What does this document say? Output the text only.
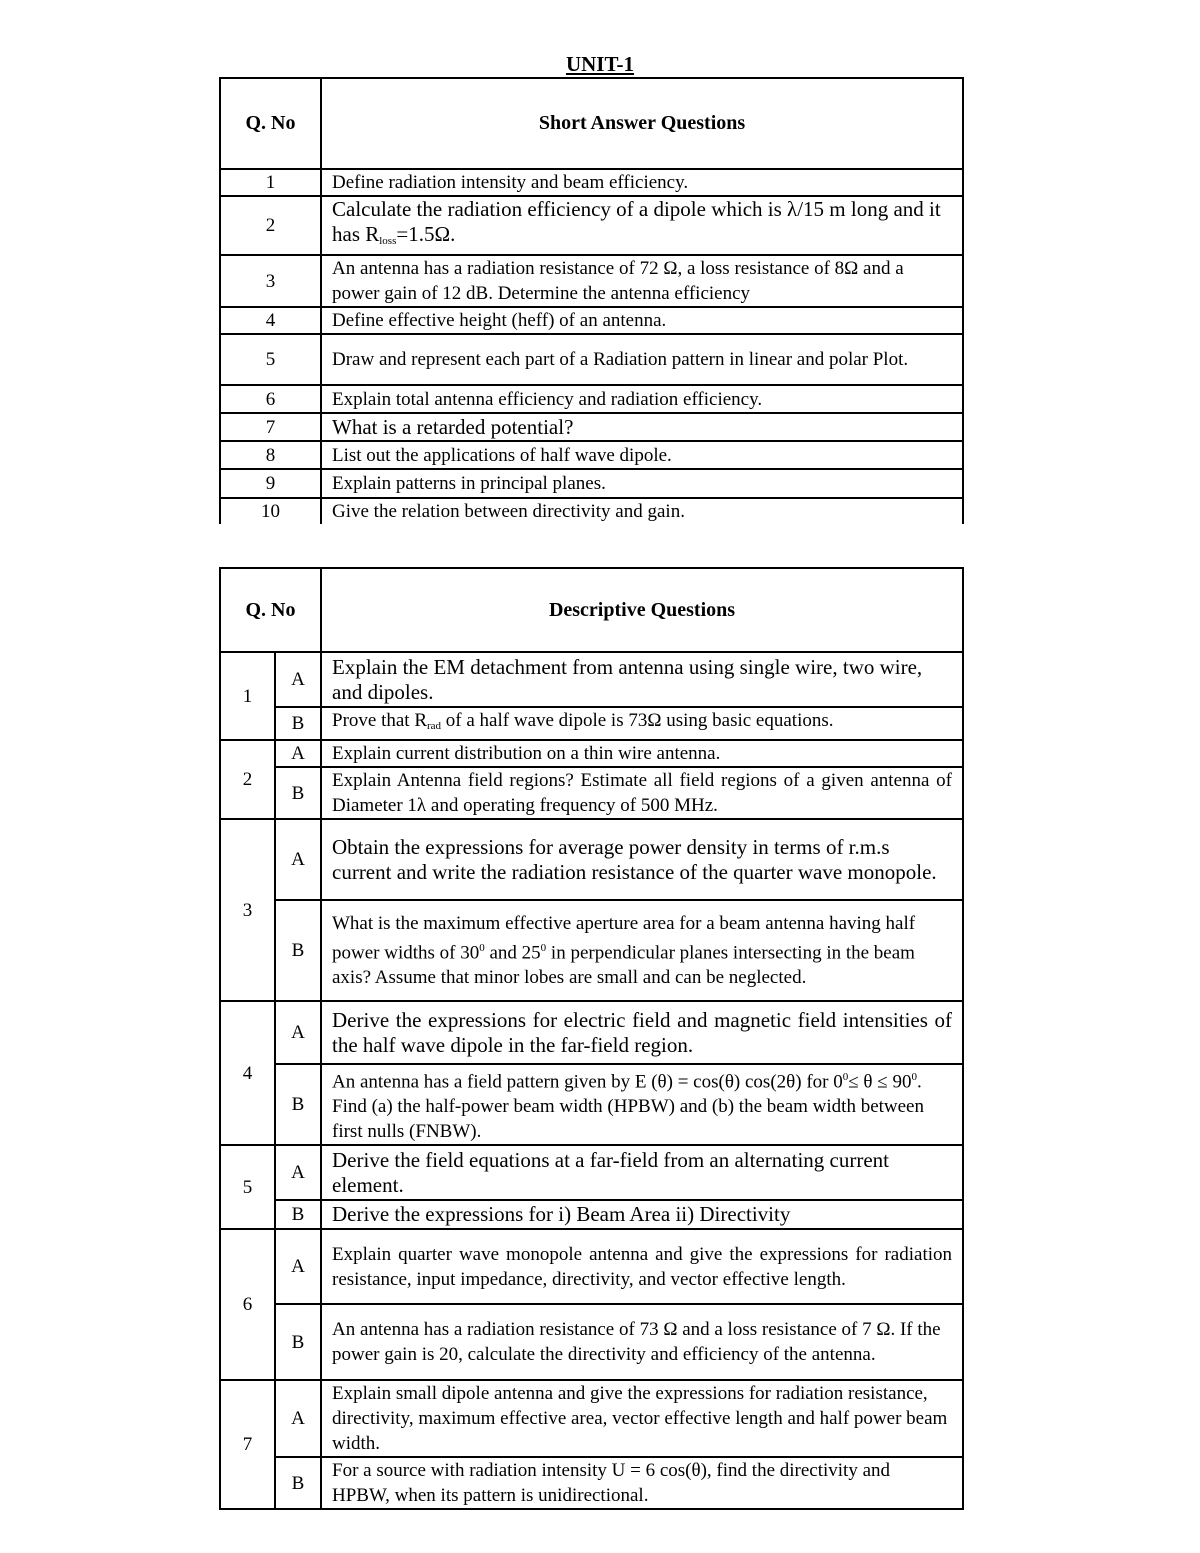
UNIT-1
Q. No	Short Answer Questions
1	Define radiation intensity and beam efficiency.
2	Calculate the radiation efficiency of a dipole which is λ/15 m long and it has $R_{loss}=1.5\Omega$.
3	An antenna has a radiation resistance of 72 Ω, a loss resistance of 8Ω and a power gain of 12 dB. Determine the antenna efficiency
4	Define effective height (heff) of an antenna.
5	Draw and represent each part of a Radiation pattern in linear and polar Plot.
6	Explain total antenna efficiency and radiation efficiency.
7	What is a retarded potential?
8	List out the applications of half wave dipole.
9	Explain patterns in principal planes.
10	Give the relation between directivity and gain.
Q. No		Descriptive Questions
1	A	Explain the EM detachment from antenna using single wire, two wire, and dipoles.
	B	Prove that $R_{rad}$ of a half wave dipole is 73Ω using basic equations.
2	A	Explain current distribution on a thin wire antenna.
	B	Explain Antenna field regions? Estimate all field regions of a given antenna of Diameter 1λ and operating frequency of 500 MHz.
3	A	Obtain the expressions for average power density in terms of r.m.s current and write the radiation resistance of the quarter wave monopole.
	B	What is the maximum effective aperture area for a beam antenna having half power widths of $30^0$ and $25^0$ in perpendicular planes intersecting in the beam axis? Assume that minor lobes are small and can be neglected.
4	A	Derive the expressions for electric field and magnetic field intensities of the half wave dipole in the far-field region.
	B	An antenna has a field pattern given by E (θ) = cos(θ) cos(2θ) for $0^0\le \theta \le 90^0$. Find (a) the half-power beam width (HPBW) and (b) the beam width between first nulls (FNBW).
5	A	Derive the field equations at a far-field from an alternating current element.
	B	Derive the expressions for i) Beam Area ii) Directivity
6	A	Explain quarter wave monopole antenna and give the expressions for radiation resistance, input impedance, directivity, and vector effective length.
	B	An antenna has a radiation resistance of 73 Ω and a loss resistance of 7 Ω. If the power gain is 20, calculate the directivity and efficiency of the antenna.
7	A	Explain small dipole antenna and give the expressions for radiation resistance, directivity, maximum effective area, vector effective length and half power beam width.
	B	For a source with radiation intensity U = 6 cos(θ), find the directivity and HPBW, when its pattern is unidirectional.
